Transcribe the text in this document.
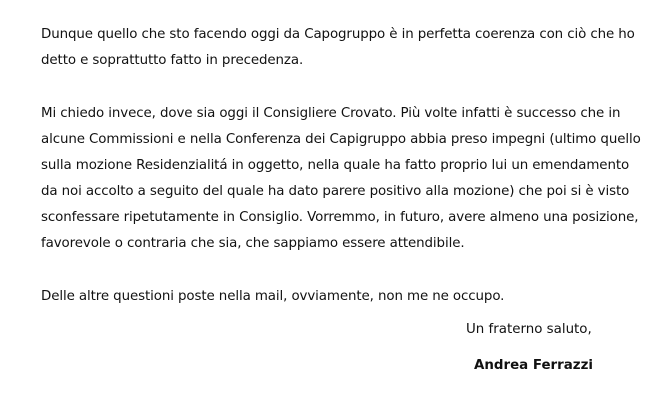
Dunque quello che sto facendo oggi da Capogruppo è in perfetta coerenza con ciò che ho
detto e soprattutto fatto in precedenza.
Mi chiedo invece, dove sia oggi il Consigliere Crovato. Più volte infatti è successo che in
alcune Commissioni e nella Conferenza dei Capigruppo abbia preso impegni (ultimo quello
sulla mozione Residenzialitá in oggetto, nella quale ha fatto proprio lui un emendamento
da noi accolto a seguito del quale ha dato parere positivo alla mozione) che poi si è visto
sconfessare ripetutamente in Consiglio. Vorremmo, in futuro, avere almeno una posizione,
favorevole o contraria che sia, che sappiamo essere attendibile.
Delle altre questioni poste nella mail, ovviamente, non me ne occupo.
Un fraterno saluto,
Andrea Ferrazzi
